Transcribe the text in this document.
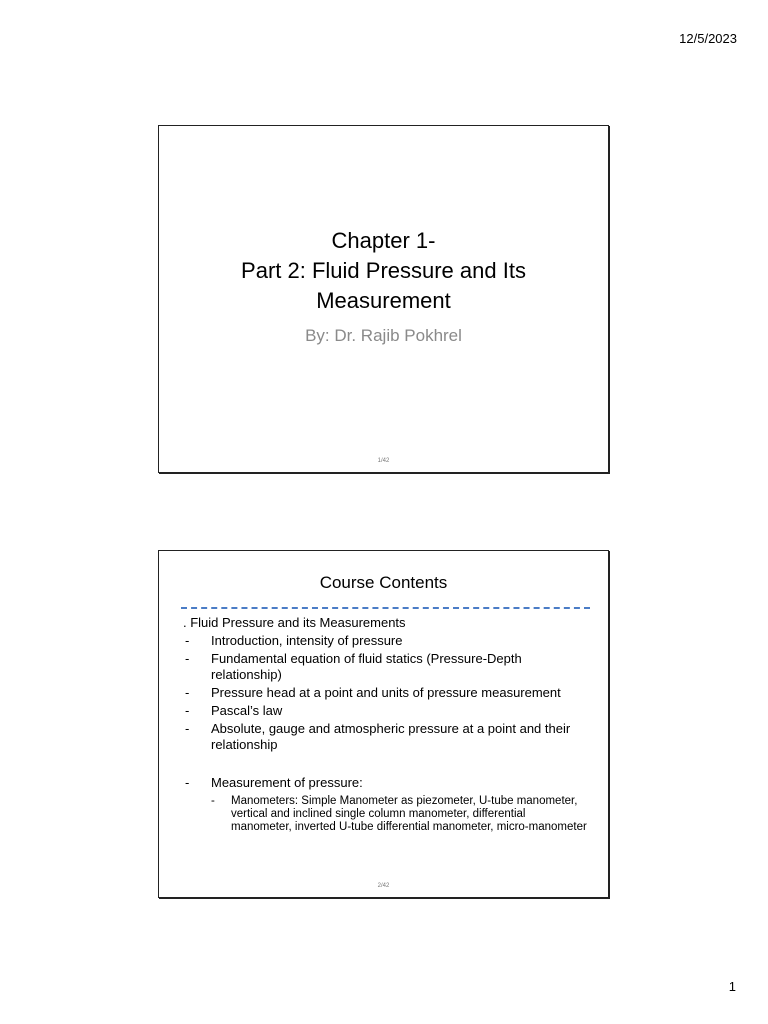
12/5/2023
Chapter 1-
Part 2: Fluid Pressure and Its
Measurement
By: Dr. Rajib Pokhrel
1/42
Course Contents
. Fluid Pressure and its Measurements
- Introduction, intensity of pressure
- Fundamental equation of fluid statics (Pressure-Depth relationship)
- Pressure head at a point and units of pressure measurement
- Pascal’s law
- Absolute, gauge and atmospheric pressure at a point and their relationship
- Measurement of pressure:
- Manometers: Simple Manometer as piezometer, U-tube manometer, vertical and inclined single column manometer, differential manometer, inverted U-tube differential manometer, micro-manometer
2/42
1
